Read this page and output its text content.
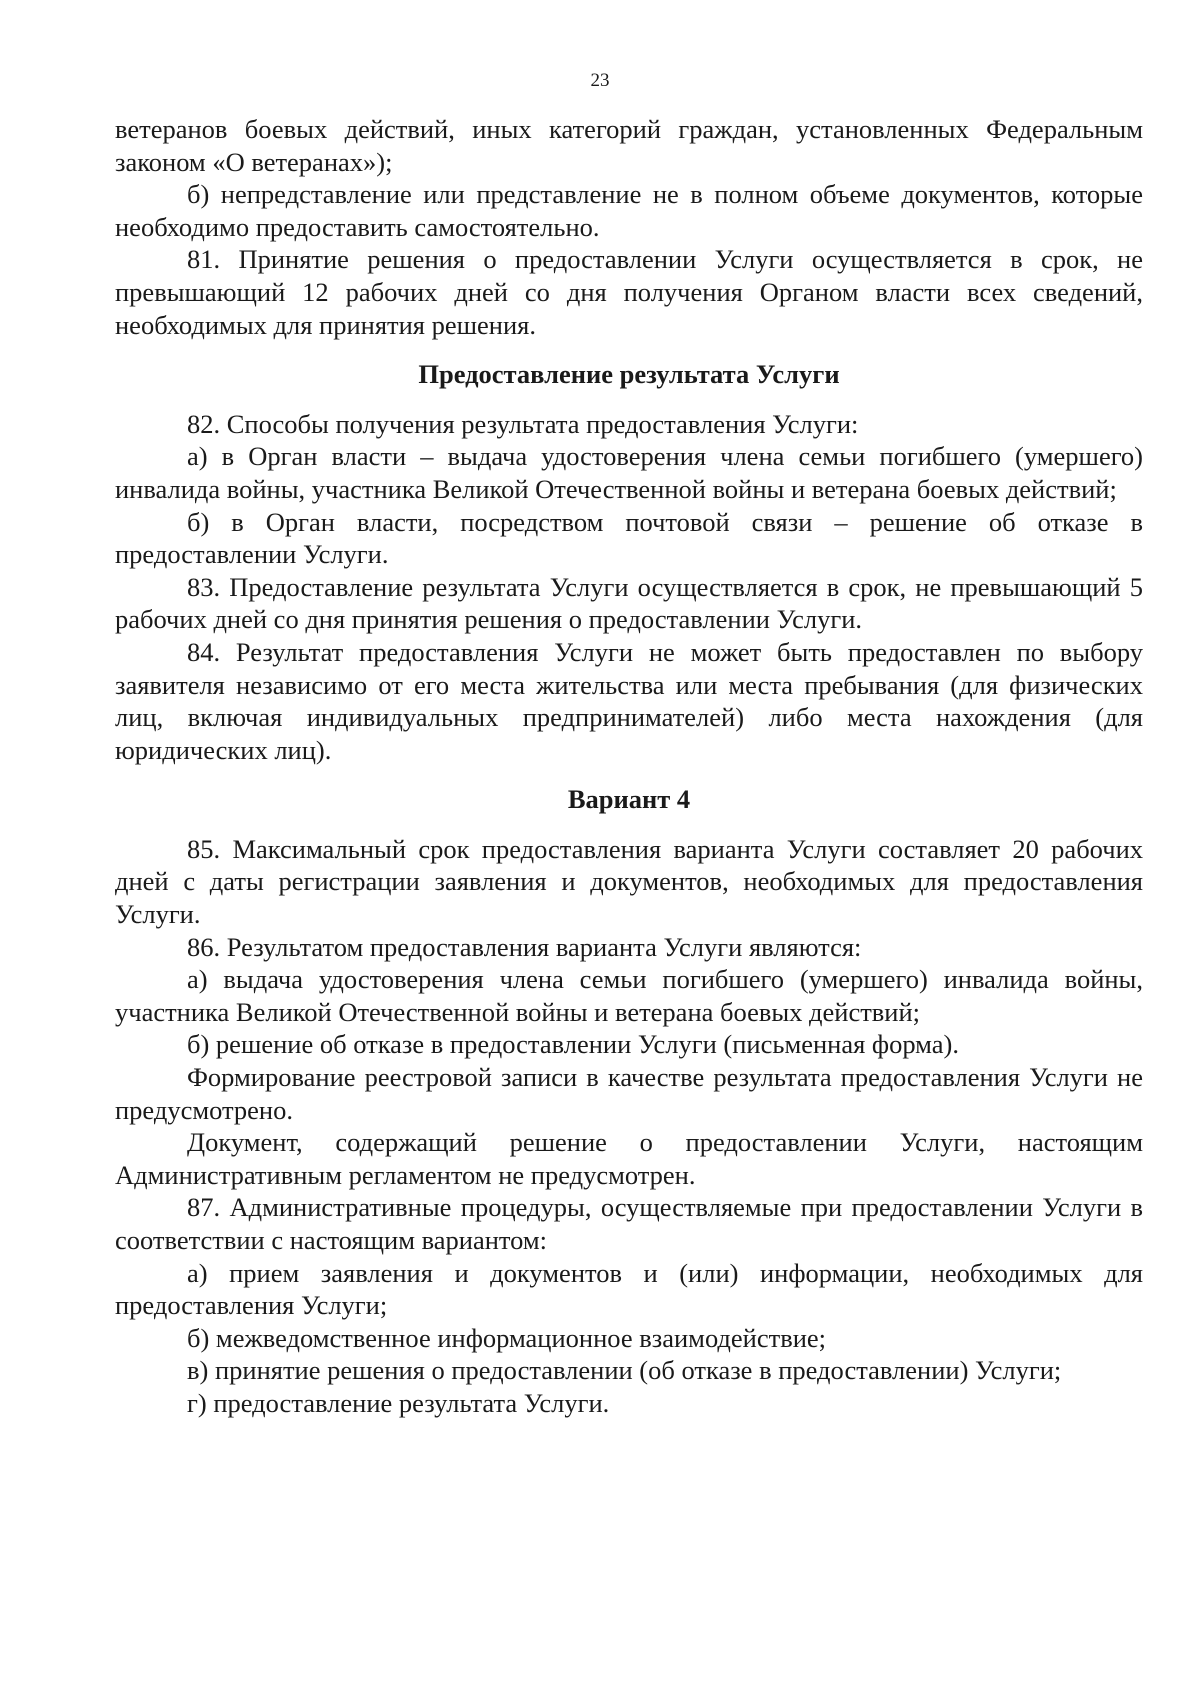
23

ветеранов боевых действий, иных категорий граждан, установленных Федеральным законом «О ветеранах»);

б) непредставление или представление не в полном объеме документов, которые необходимо предоставить самостоятельно.

81. Принятие решения о предоставлении Услуги осуществляется в срок, не превышающий 12 рабочих дней со дня получения Органом власти всех сведений, необходимых для принятия решения.

Предоставление результата Услуги

82. Способы получения результата предоставления Услуги:

а) в Орган власти – выдача удостоверения члена семьи погибшего (умершего) инвалида войны, участника Великой Отечественной войны и ветерана боевых действий;

б) в Орган власти, посредством почтовой связи – решение об отказе в предоставлении Услуги.

83. Предоставление результата Услуги осуществляется в срок, не превышающий 5 рабочих дней со дня принятия решения о предоставлении Услуги.

84. Результат предоставления Услуги не может быть предоставлен по выбору заявителя независимо от его места жительства или места пребывания (для физических лиц, включая индивидуальных предпринимателей) либо места нахождения (для юридических лиц).

Вариант 4

85. Максимальный срок предоставления варианта Услуги составляет 20 рабочих дней с даты регистрации заявления и документов, необходимых для предоставления Услуги.

86. Результатом предоставления варианта Услуги являются:

а) выдача удостоверения члена семьи погибшего (умершего) инвалида войны, участника Великой Отечественной войны и ветерана боевых действий;

б) решение об отказе в предоставлении Услуги (письменная форма).

Формирование реестровой записи в качестве результата предоставления Услуги не предусмотрено.

Документ, содержащий решение о предоставлении Услуги, настоящим Административным регламентом не предусмотрен.

87. Административные процедуры, осуществляемые при предоставлении Услуги в соответствии с настоящим вариантом:

а) прием заявления и документов и (или) информации, необходимых для предоставления Услуги;

б) межведомственное информационное взаимодействие;

в) принятие решения о предоставлении (об отказе в предоставлении) Услуги;

г) предоставление результата Услуги.
